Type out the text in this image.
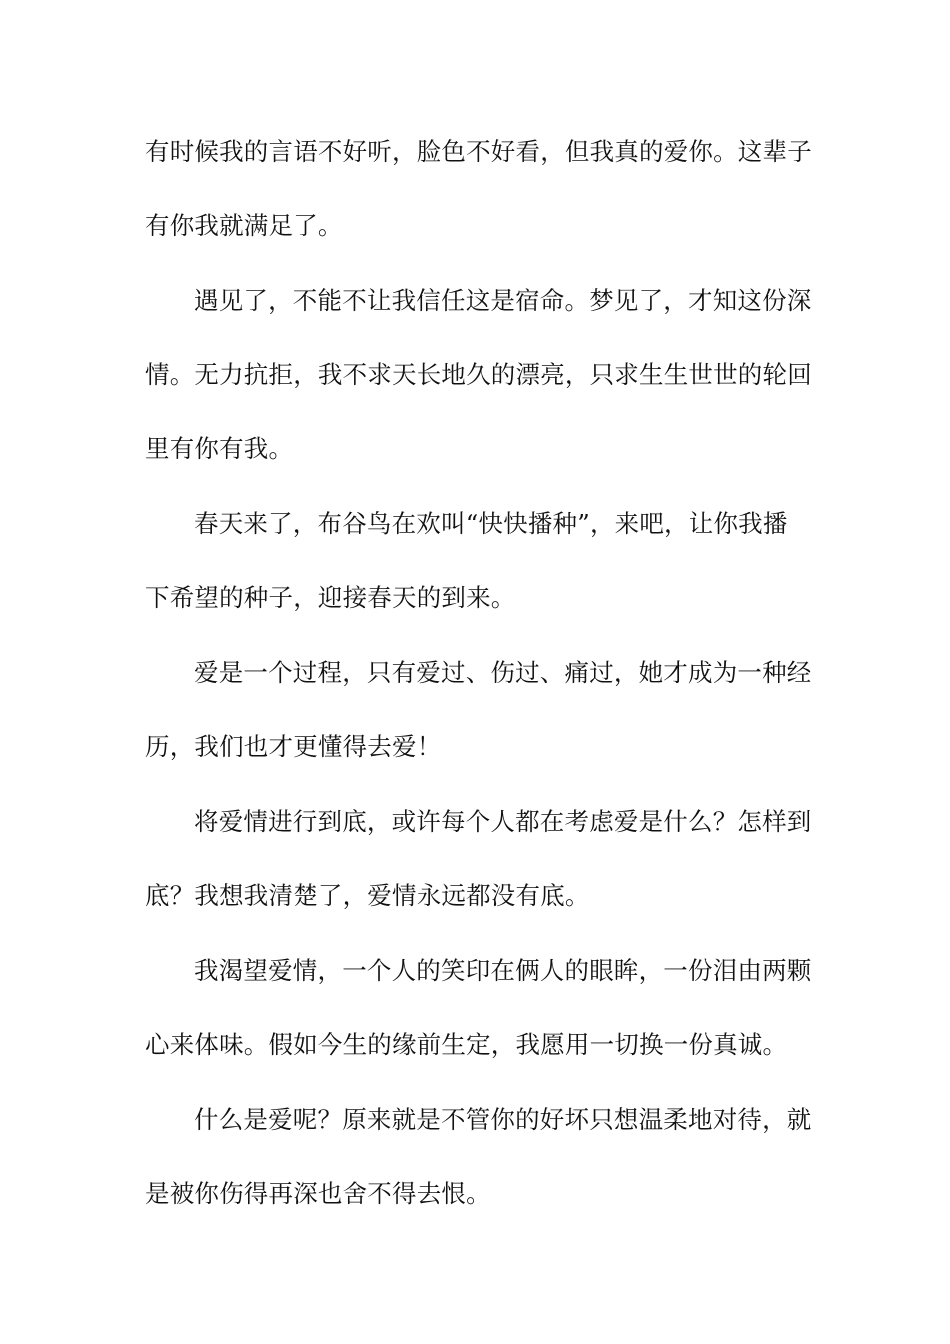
有时候我的言语不好听，脸色不好看，但我真的爱你。这辈子

有你我就满足了。

遇见了，不能不让我信任这是宿命。梦见了，才知这份深

情。无力抗拒，我不求天长地久的漂亮，只求生生世世的轮回

里有你有我。

春天来了，布谷鸟在欢叫“快快播种”，来吧，让你我播

下希望的种子，迎接春天的到来。

爱是一个过程，只有爱过、伤过、痛过，她才成为一种经

历，我们也才更懂得去爱！

将爱情进行到底，或许每个人都在考虑爱是什么？怎样到

底？我想我清楚了，爱情永远都没有底。

我渴望爱情，一个人的笑印在俩人的眼眸，一份泪由两颗

心来体味。假如今生的缘前生定，我愿用一切换一份真诚。

什么是爱呢？原来就是不管你的好坏只想温柔地对待，就

是被你伤得再深也舍不得去恨。
